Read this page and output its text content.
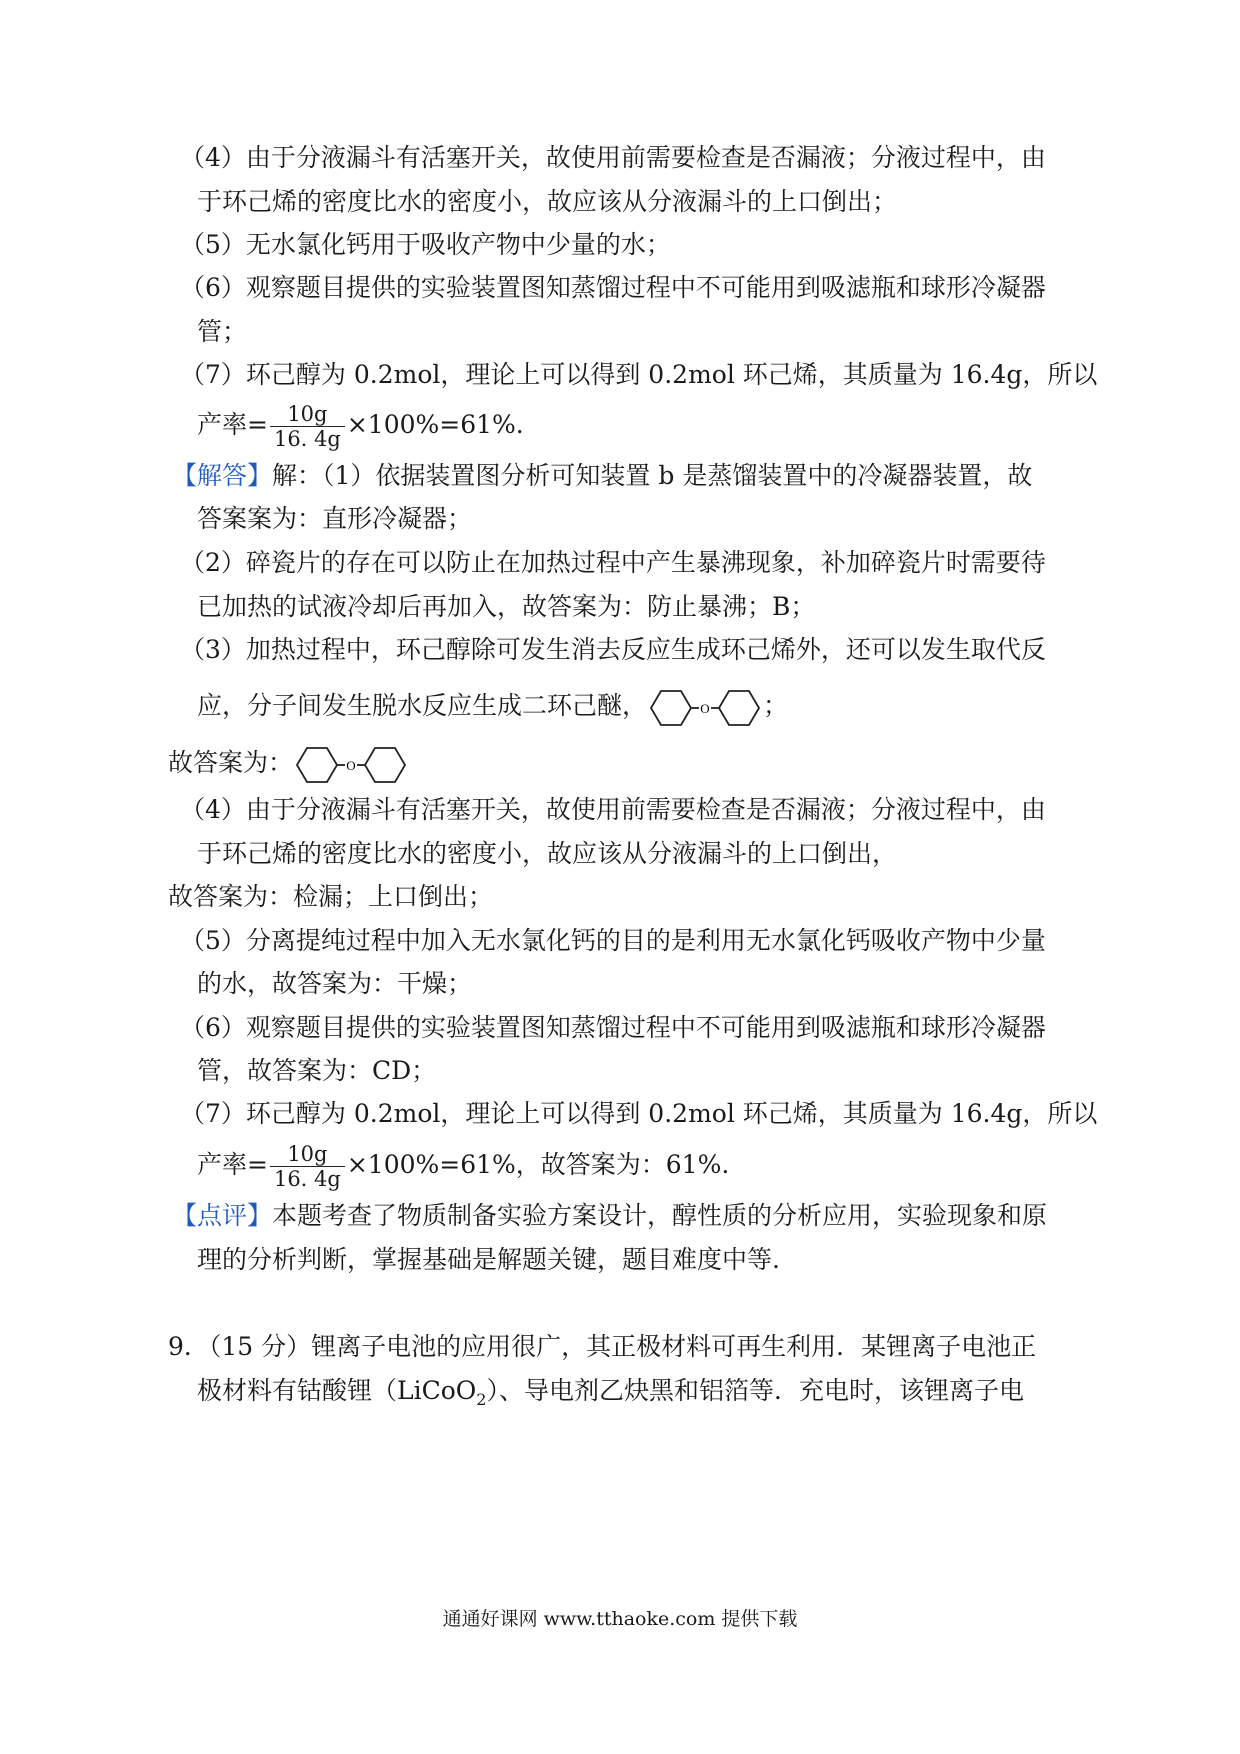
（4）由于分液漏斗有活塞开关，故使用前需要检查是否漏液；分液过程中，由
于环己烯的密度比水的密度小，故应该从分液漏斗的上口倒出；
（5）无水氯化钙用于吸收产物中少量的水；
（6）观察题目提供的实验装置图知蒸馏过程中不可能用到吸滤瓶和球形冷凝器
管；
（7）环己醇为 0.2mol，理论上可以得到 0.2mol 环己烯，其质量为 16.4g，所以
产率= $\frac{10g}{16. 4g} \times 100\%=61\%$.
【解答】解：（1）依据装置图分析可知装置 b 是蒸馏装置中的冷凝器装置，故
答案案为：直形冷凝器；
（2）碎瓷片的存在可以防止在加热过程中产生暴沸现象，补加碎瓷片时需要待
已加热的试液冷却后再加入，故答案为：防止暴沸；B；
（3）加热过程中，环己醇除可发生消去反应生成环己烯外，还可以发生取代反
应，分子间发生脱水反应生成二环己醚，	O ；
故答案为：	O
（4）由于分液漏斗有活塞开关，故使用前需要检查是否漏液；分液过程中，由
于环己烯的密度比水的密度小，故应该从分液漏斗的上口倒出，
故答案为：检漏；上口倒出；
（5）分离提纯过程中加入无水氯化钙的目的是利用无水氯化钙吸收产物中少量
的水，故答案为：干燥；
（6）观察题目提供的实验装置图知蒸馏过程中不可能用到吸滤瓶和球形冷凝器
管，故答案为：CD；
（7）环己醇为 0.2mol，理论上可以得到 0.2mol 环己烯，其质量为 16.4g，所以
产率= $\frac{10g}{16. 4g} \times 100\%=61\%$，故答案为：61%.
【点评】本题考查了物质制备实验方案设计，醇性质的分析应用，实验现象和原
理的分析判断，掌握基础是解题关键，题目难度中等.
9．（15 分）锂离子电池的应用很广，其正极材料可再生利用．某锂离子电池正
极材料有钴酸锂（LiCoO$_2$）、导电剂乙炔黑和铝箔等．充电时，该锂离子电
通通好课网 www.tthaoke.com 提供下载
